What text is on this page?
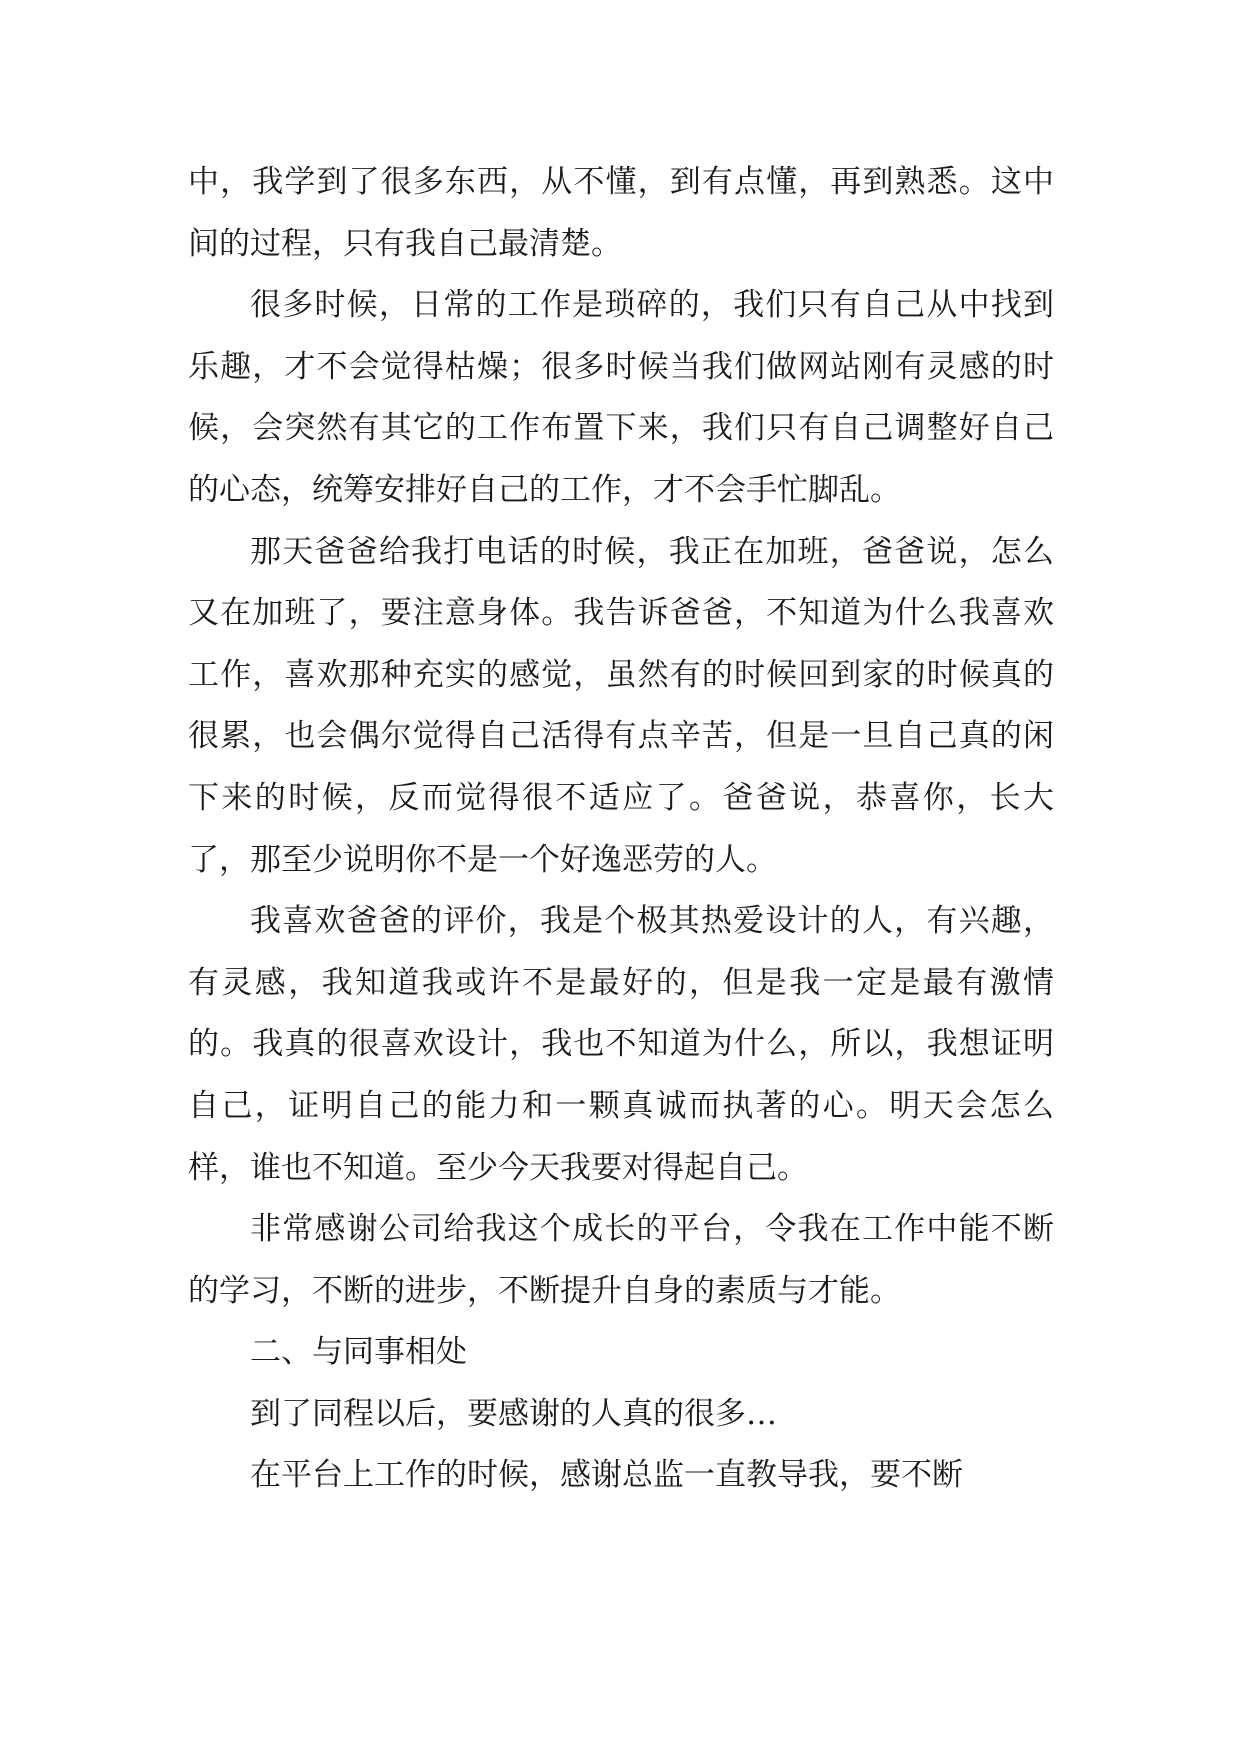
中，我学到了很多东西，从不懂，到有点懂，再到熟悉。这中间的过程，只有我自己最清楚。

很多时候，日常的工作是琐碎的，我们只有自己从中找到乐趣，才不会觉得枯燥；很多时候当我们做网站刚有灵感的时候，会突然有其它的工作布置下来，我们只有自己调整好自己的心态，统筹安排好自己的工作，才不会手忙脚乱。

那天爸爸给我打电话的时候，我正在加班，爸爸说，怎么又在加班了，要注意身体。我告诉爸爸，不知道为什么我喜欢工作，喜欢那种充实的感觉，虽然有的时候回到家的时候真的很累，也会偶尔觉得自己活得有点辛苦，但是一旦自己真的闲下来的时候，反而觉得很不适应了。爸爸说，恭喜你，长大了，那至少说明你不是一个好逸恶劳的人。

我喜欢爸爸的评价，我是个极其热爱设计的人，有兴趣，有灵感，我知道我或许不是最好的，但是我一定是最有激情的。我真的很喜欢设计，我也不知道为什么，所以，我想证明自己，证明自己的能力和一颗真诚而执著的心。明天会怎么样，谁也不知道。至少今天我要对得起自己。

非常感谢公司给我这个成长的平台，令我在工作中能不断的学习，不断的进步，不断提升自身的素质与才能。

二、与同事相处

到了同程以后，要感谢的人真的很多…

在平台上工作的时候，感谢总监一直教导我，要不断
